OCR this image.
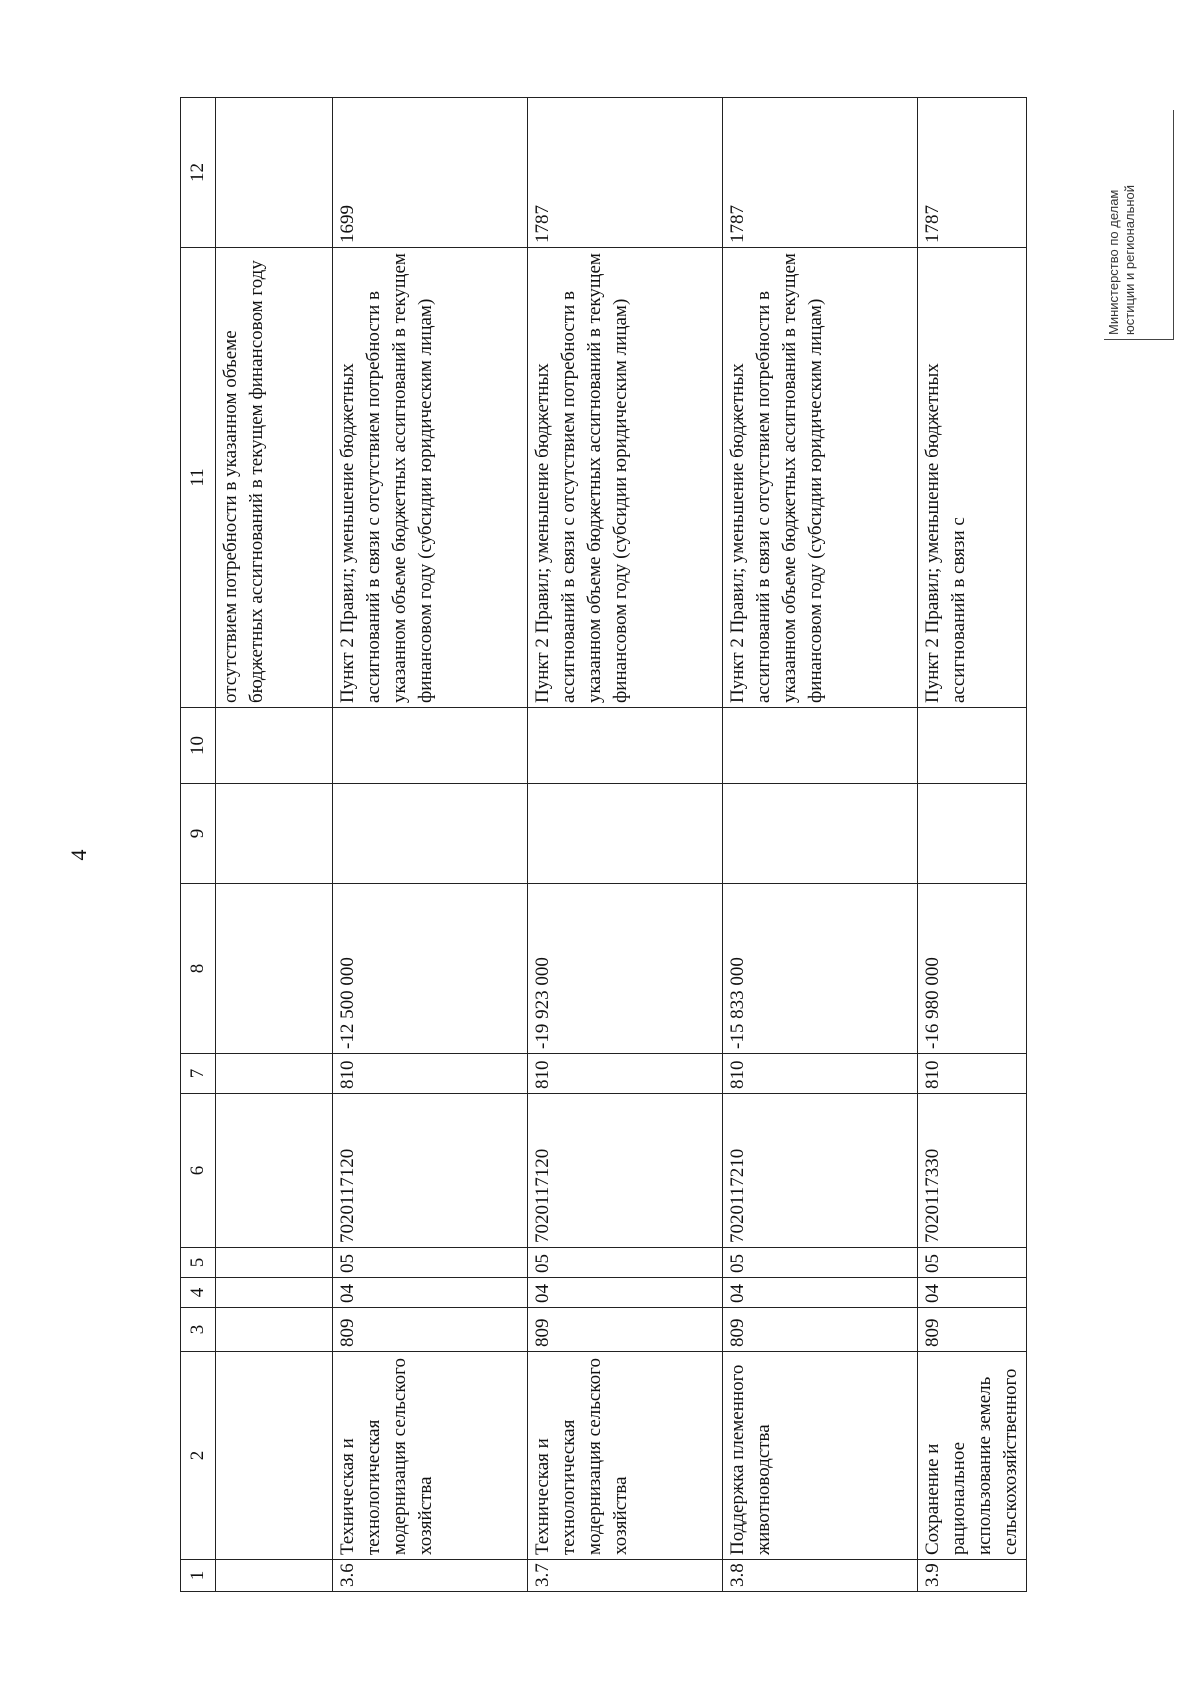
4
1	2	3	4	5	6	7	8	9	10	11	12
										отсутствием потребности в указанном объеме бюджетных ассигнований в текущем финансовом году	
3.6	Техническая и технологическая модернизация сельского хозяйства	809	04	05	7020117120	810	-12 500 000			Пункт 2 Правил; уменьшение бюджетных ассигнований в связи с отсутствием потребности в указанном объеме бюджетных ассигнований в текущем финансовом году (субсидии юридическим лицам)	1699
3.7	Техническая и технологическая модернизация сельского хозяйства	809	04	05	7020117120	810	-19 923 000			Пункт 2 Правил; уменьшение бюджетных ассигнований в связи с отсутствием потребности в указанном объеме бюджетных ассигнований в текущем финансовом году (субсидии юридическим лицам)	1787
3.8	Поддержка племенного животноводства	809	04	05	7020117210	810	-15 833 000			Пункт 2 Правил; уменьшение бюджетных ассигнований в связи с отсутствием потребности в указанном объеме бюджетных ассигнований в текущем финансовом году (субсидии юридическим лицам)	1787
3.9	Сохранение и рациональное использование земель сельскохозяйственного	809	04	05	7020117330	810	-16 980 000			Пункт 2 Правил; уменьшение бюджетных ассигнований в связи с	1787	Министерство по делам юстиции и региональной
